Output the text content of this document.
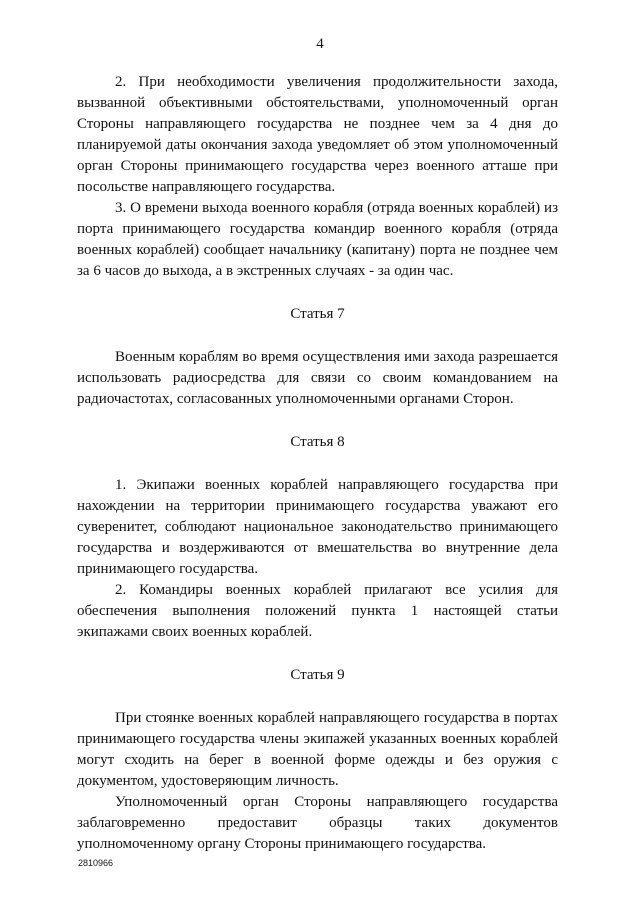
4

2. При необходимости увеличения продолжительности захода, вызванной объективными обстоятельствами, уполномоченный орган Стороны направляющего государства не позднее чем за 4 дня до планируемой даты окончания захода уведомляет об этом уполномоченный орган Стороны принимающего государства через военного атташе при посольстве направляющего государства.

3. О времени выхода военного корабля (отряда военных кораблей) из порта принимающего государства командир военного корабля (отряда военных кораблей) сообщает начальнику (капитану) порта не позднее чем за 6 часов до выхода, а в экстренных случаях - за один час.

Статья 7

Военным кораблям во время осуществления ими захода разрешается использовать радиосредства для связи со своим командованием на радиочастотах, согласованных уполномоченными органами Сторон.

Статья 8

1. Экипажи военных кораблей направляющего государства при нахождении на территории принимающего государства уважают его суверенитет, соблюдают национальное законодательство принимающего государства и воздерживаются от вмешательства во внутренние дела принимающего государства.

2. Командиры военных кораблей прилагают все усилия для обеспечения выполнения положений пункта 1 настоящей статьи экипажами своих военных кораблей.

Статья 9

При стоянке военных кораблей направляющего государства в портах принимающего государства члены экипажей указанных военных кораблей могут сходить на берег в военной форме одежды и без оружия с документом, удостоверяющим личность.

Уполномоченный орган Стороны направляющего государства заблаговременно предоставит образцы таких документов уполномоченному органу Стороны принимающего государства.

2810966
